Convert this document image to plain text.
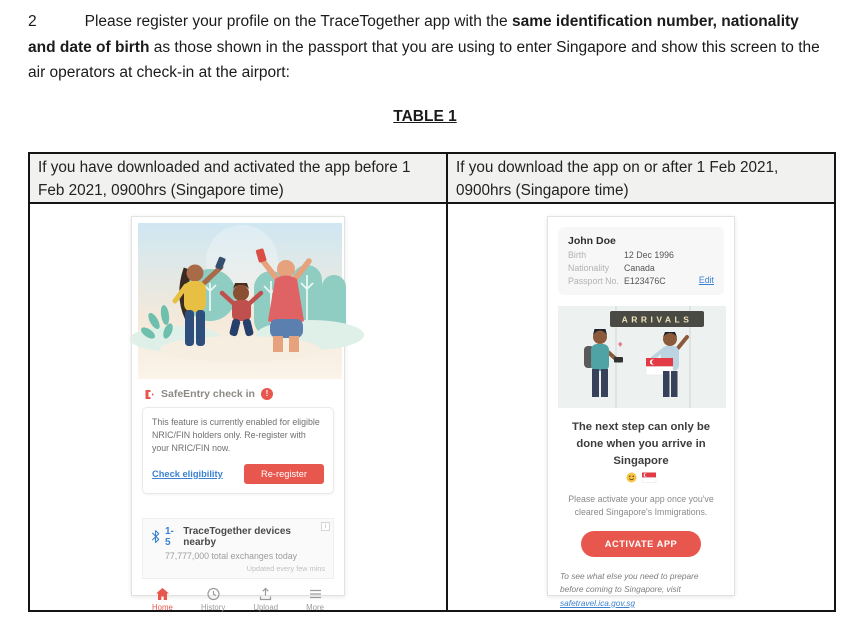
2	Please register your profile on the TraceTogether app with the same identification number, nationality and date of birth as those shown in the passport that you are using to enter Singapore and show this screen to the air operators at check-in at the airport:

TABLE 1
If you have downloaded and activated the app before 1 Feb 2021, 0900hrs (Singapore time)
If you download the app on or after 1 Feb 2021, 0900hrs (Singapore time)
SafeEntry check in	!
This feature is currently enabled for eligible NRIC/FIN holders only. Re-register with your NRIC/FIN now.
Check eligibility	Re-register
i
1-5
TraceTogether devices nearby
77,777,000 total exchanges today
Updated every few mins
Home	History	Upload	More
John Doe
Birth	12 Dec 1996
Nationality	Canada
Passport No. E123476C	Edit
ARRIVALS
The next step can only be done when you arrive in Singapore

Please activate your app once you've cleared Singapore's Immigrations.
ACTIVATE APP
To see what else you need to prepare before coming to Singapore, visit
safetravel.ica.gov.sg
